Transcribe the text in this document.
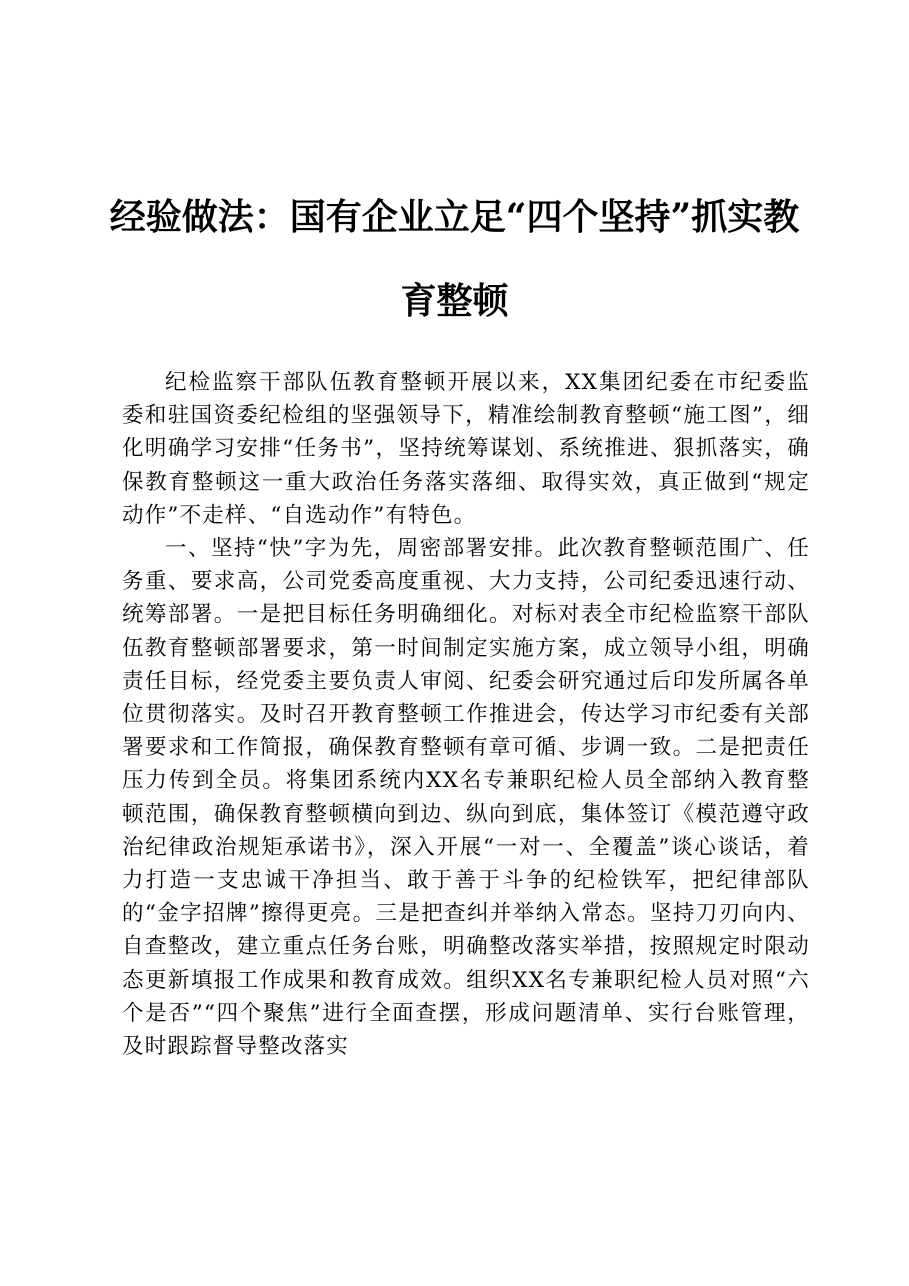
经验做法：国有企业立足“四个坚持”抓实教育整顿

纪检监察干部队伍教育整顿开展以来，XX集团纪委在市纪委监委和驻国资委纪检组的坚强领导下，精准绘制教育整顿“施工图”，细化明确学习安排“任务书”，坚持统筹谋划、系统推进、狠抓落实，确保教育整顿这一重大政治任务落实落细、取得实效，真正做到“规定动作”不走样、“自选动作”有特色。

一、坚持“快”字为先，周密部署安排。此次教育整顿范围广、任务重、要求高，公司党委高度重视、大力支持，公司纪委迅速行动、统筹部署。一是把目标任务明确细化。对标对表全市纪检监察干部队伍教育整顿部署要求，第一时间制定实施方案，成立领导小组，明确责任目标，经党委主要负责人审阅、纪委会研究通过后印发所属各单位贯彻落实。及时召开教育整顿工作推进会，传达学习市纪委有关部署要求和工作简报，确保教育整顿有章可循、步调一致。二是把责任压力传到全员。将集团系统内XX名专兼职纪检人员全部纳入教育整顿范围，确保教育整顿横向到边、纵向到底，集体签订《模范遵守政治纪律政治规矩承诺书》，深入开展“一对一、全覆盖”谈心谈话，着力打造一支忠诚干净担当、敢于善于斗争的纪检铁军，把纪律部队的“金字招牌”擦得更亮。三是把查纠并举纳入常态。坚持刀刃向内、自查整改，建立重点任务台账，明确整改落实举措，按照规定时限动态更新填报工作成果和教育成效。组织XX名专兼职纪检人员对照“六个是否”“四个聚焦”进行全面查摆，形成问题清单、实行台账管理，及时跟踪督导整改落实
